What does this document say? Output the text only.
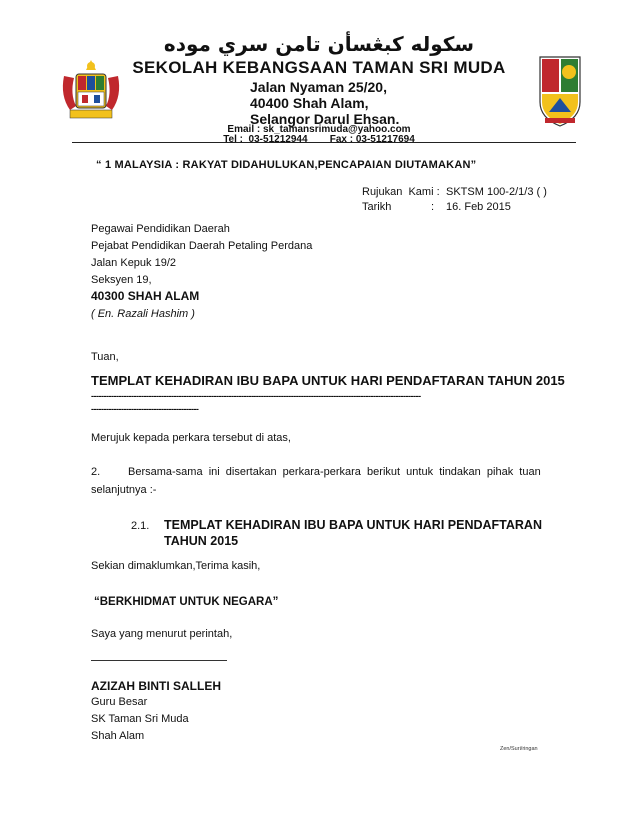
سکوله کبڠسأن تامن سري موده
SEKOLAH KEBANGSAAN TAMAN SRI MUDA
Jalan Nyaman 25/20,
40400 Shah Alam,
Selangor Darul Ehsan.
Email : sk_tamansrimuda@yahoo.com
Tel :  03-51212944        Fax : 03-51217694
“ 1 MALAYSIA : RAKYAT DIDAHULUKAN,PENCAPAIAN DIUTAMAKAN”
Rujukan  Kami : SKTSM 100-2/1/3 ( )
Tarikh	: 16. Feb 2015
Pegawai Pendidikan Daerah
Pejabat Pendidikan Daerah Petaling Perdana
Jalan Kepuk 19/2
Seksyen 19,
40300 SHAH ALAM
( En. Razali Hashim )
Tuan,
TEMPLAT KEHADIRAN IBU BAPA UNTUK HARI PENDAFTARAN TAHUN 2015
------------------------------------------------------------------------------------------------------------------------------------
-------------------------------------------
Merujuk kepada perkara tersebut di atas,
2.	Bersama-sama  ini  disertakan  perkara-perkara  berikut  untuk  tindakan  pihak  tuan
selanjutnya :-
2.1. TEMPLAT KEHADIRAN IBU BAPA UNTUK HARI PENDAFTARAN TAHUN 2015
Sekian dimaklumkan,Terima kasih,
“BERKHIDMAT UNTUK NEGARA”
Saya yang menurut perintah,
AZIZAH BINTI SALLEH
Guru Besar
SK Taman Sri Muda
Shah Alam
Zen/Suri/ringan
